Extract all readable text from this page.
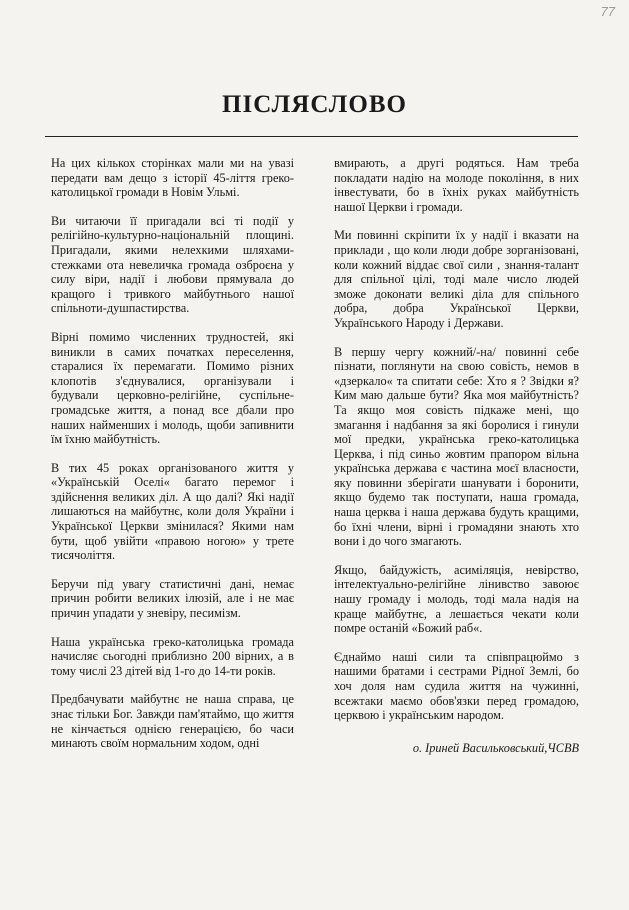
77
ПІСЛЯСЛОВО

На цих кількох сторінках мали ми на увазі передати вам дещо з історії 45-ліття греко-католицької громади в Новім Ульмі.

Ви читаючи її пригадали всі ті події у релігійно-культурно-національній площині. Пригадали, якими нелехкими шляхами-стежками ота невеличка громада озброєна у силу віри, надії і любови прямувала до кращого і тривкого майбутнього нашої спільноти-душпастирства.

Вірні помимо численних трудностей, які виникли в самих початках переселення, старалися їх перемагати. Помимо різних клопотів з'єднувалися, організували і будували церковно-релігійне, суспільне-громадське життя, а понад все дбали про наших найменших і молодь, щоби запивнити їм їхню майбутність.

В тих 45 роках організованого життя у «Українській Оселі« багато перемог і здійснення великих діл. А що далі? Які надії лишаються на майбутнє, коли доля України і Української Церкви змінилася? Якими нам бути, щоб увійти «правою ногою» у трете тисячоліття.

Беручи під увагу статистичні дані, немає причин робити великих ілюзій, але і не має причин упадати у зневіру, песимізм.

Наша українська греко-католицька громада начисляє сьогодні приблизно 200 вірних, а в тому числі 23 дітей від 1-го до 14-ти років.

Предбачувати майбутнє не наша справа, це знає тільки Бог. Завжди пам'ятаймо, що життя не кінчається однією генерацією, бо часи минають своїм нормальним ходом, одні

вмирають, а другі родяться. Нам треба покладати надію на молоде покоління, в них інвестувати, бо в їхніх руках майбутність нашої Церкви і громади.

Ми повинні скріпити їх у надії і вказати на приклади , що коли люди добре зорганізовані, коли кожний віддає свої сили , знання-талант для спільної цілі, тоді мале число людей зможе доконати великі діла для спільного добра, добра Української Церкви, Українського Народу і Держави.

В першу чергу кожний/-на/ повинні себе пізнати, поглянути на свою совість, немов в «дзеркало« та спитати себе: Хто я ? Звідки я? Ким маю дальше бути? Яка моя майбутність? Та якщо моя совість підкаже мені, що змагання і надбання за які боролися і гинули мої предки, українська греко-католицька Церква, і під синьо жовтим прапором вільна українська держава є частина моєї власности, яку повинни зберігати шанувати і боронити, якщо будемо так поступати, наша громада, наша церква і наша держава будуть кращими, бо їхні члени, вірні і громадяни знають хто вони і до чого змагають.

Якщо, байдужість, асиміляція, невірство, інтелектуально-релігійне лінивство завоює нашу громаду і молодь, тоді мала надія на краще майбутнє, а лешається чекати коли помре останій «Божий раб«.

Єднаймо наші сили та співпрацюймо з нашими братами і сестрами Рідної Землі, бо хоч доля нам судила життя на чужинні, всежтаки маємо обов'язки перед громадою, церквою і українським народом.

о. Іриней Васильковський,ЧСВВ
